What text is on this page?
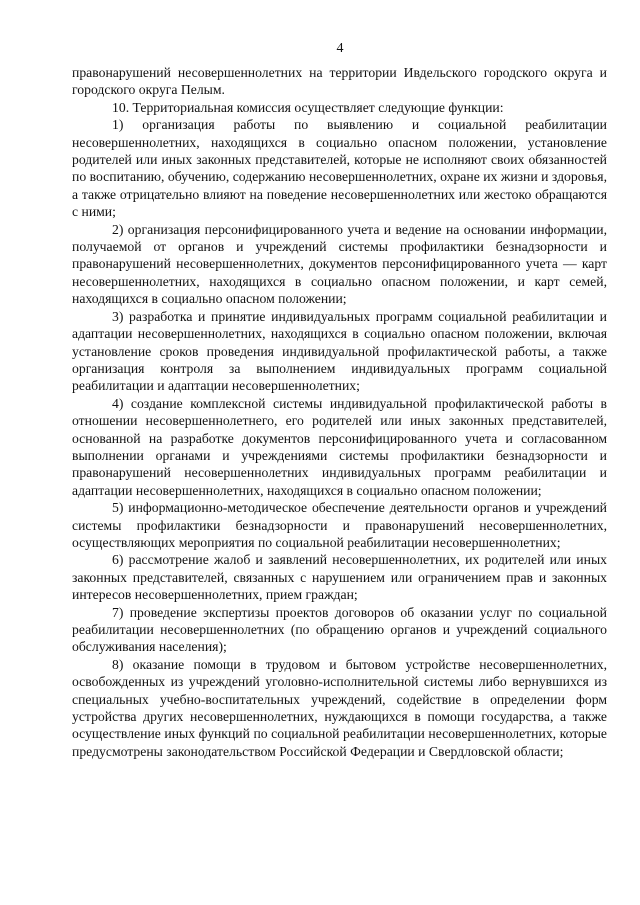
4

правонарушений несовершеннолетних на территории Ивдельского городского округа и городского округа Пелым.

10. Территориальная комиссия осуществляет следующие функции:

1) организация работы по выявлению и социальной реабилитации несовершеннолетних, находящихся в социально опасном положении, установление родителей или иных законных представителей, которые не исполняют своих обязанностей по воспитанию, обучению, содержанию несовершеннолетних, охране их жизни и здоровья, а также отрицательно влияют на поведение несовершеннолетних или жестоко обращаются с ними;

2) организация персонифицированного учета и ведение на основании информации, получаемой от органов и учреждений системы профилактики безнадзорности и правонарушений несовершеннолетних, документов персонифицированного учета — карт несовершеннолетних, находящихся в социально опасном положении, и карт семей, находящихся в социально опасном положении;

3) разработка и принятие индивидуальных программ социальной реабилитации и адаптации несовершеннолетних, находящихся в социально опасном положении, включая установление сроков проведения индивидуальной профилактической работы, а также организация контроля за выполнением индивидуальных программ социальной реабилитации и адаптации несовершеннолетних;

4) создание комплексной системы индивидуальной профилактической работы в отношении несовершеннолетнего, его родителей или иных законных представителей, основанной на разработке документов персонифицированного учета и согласованном выполнении органами и учреждениями системы профилактики безнадзорности и правонарушений несовершеннолетних индивидуальных программ реабилитации и адаптации несовершеннолетних, находящихся в социально опасном положении;

5) информационно-методическое обеспечение деятельности органов и учреждений системы профилактики безнадзорности и правонарушений несовершеннолетних, осуществляющих мероприятия по социальной реабилитации несовершеннолетних;

6) рассмотрение жалоб и заявлений несовершеннолетних, их родителей или иных законных представителей, связанных с нарушением или ограничением прав и законных интересов несовершеннолетних, прием граждан;

7) проведение экспертизы проектов договоров об оказании услуг по социальной реабилитации несовершеннолетних (по обращению органов и учреждений социального обслуживания населения);

8) оказание помощи в трудовом и бытовом устройстве несовершеннолетних, освобожденных из учреждений уголовно-исполнительной системы либо вернувшихся из специальных учебно-воспитательных учреждений, содействие в определении форм устройства других несовершеннолетних, нуждающихся в помощи государства, а также осуществление иных функций по социальной реабилитации несовершеннолетних, которые предусмотрены законодательством Российской Федерации и Свердловской области;
